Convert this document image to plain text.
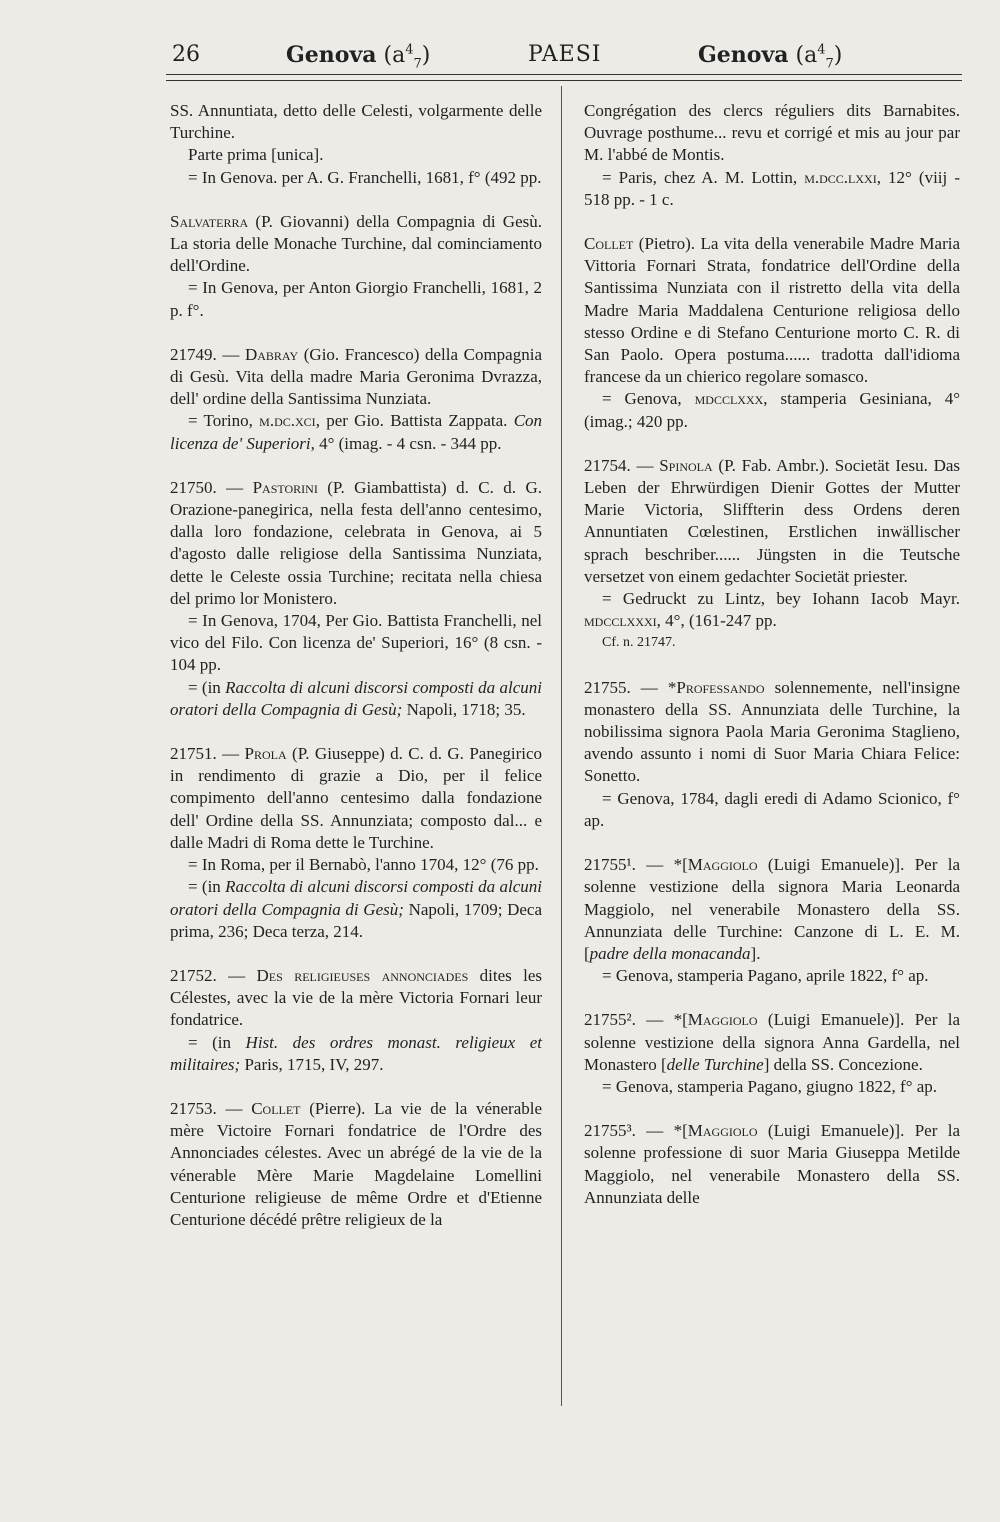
26	Genova $(a^4_7)$	PAESI	Genova $(a^4_7)$

SS. Annuntiata, detto delle Celesti, volgarmente delle Turchine.

Parte prima [unica].

= In Genova. per A. G. Franchelli, 1681, f° (492 pp.

Salvaterra (P. Giovanni) della Compagnia di Gesù. La storia delle Monache Turchine, dal cominciamento dell'Ordine.

= In Genova, per Anton Giorgio Franchelli, 1681, 2 p. f°.

21749. — Dabray (Gio. Francesco) della Compagnia di Gesù. Vita della madre Maria Geronima Dvrazza, dell' ordine della Santissima Nunziata.

= Torino, m.dc.xci, per Gio. Battista Zappata. Con licenza de' Superiori, 4° (imag. - 4 csn. - 344 pp.

21750. — Pastorini (P. Giambattista) d. C. d. G. Orazione-panegirica, nella festa dell'anno centesimo, dalla loro fondazione, celebrata in Genova, ai 5 d'agosto dalle religiose della Santissima Nunziata, dette le Celeste ossia Turchine; recitata nella chiesa del primo lor Monistero.

= In Genova, 1704, Per Gio. Battista Franchelli, nel vico del Filo. Con licenza de' Superiori, 16° (8 csn. - 104 pp.

= (in Raccolta di alcuni discorsi composti da alcuni oratori della Compagnia di Gesù; Napoli, 1718; 35.

21751. — Prola (P. Giuseppe) d. C. d. G. Panegirico in rendimento di grazie a Dio, per il felice compimento dell'anno centesimo dalla fondazione dell' Ordine della SS. Annunziata; composto dal... e dalle Madri di Roma dette le Turchine.

= In Roma, per il Bernabò, l'anno 1704, 12° (76 pp.

= (in Raccolta di alcuni discorsi composti da alcuni oratori della Compagnia di Gesù; Napoli, 1709; Deca prima, 236; Deca terza, 214.

21752. — Des religieuses annonciades dites les Célestes, avec la vie de la mère Victoria Fornari leur fondatrice.

= (in Hist. des ordres monast. religieux et militaires; Paris, 1715, IV, 297.

21753. — Collet (Pierre). La vie de la vénerable mère Victoire Fornari fondatrice de l'Ordre des Annonciades célestes. Avec un abrégé de la vie de la vénerable Mère Marie Magdelaine Lomellini Centurione religieuse de même Ordre et d'Etienne Centurione décédé prêtre religieux de la

Congrégation des clercs réguliers dits Barnabites. Ouvrage posthume... revu et corrigé et mis au jour par M. l'abbé de Montis.

= Paris, chez A. M. Lottin, m.dcc.lxxi, 12° (viij - 518 pp. - 1 c.

Collet (Pietro). La vita della venerabile Madre Maria Vittoria Fornari Strata, fondatrice dell'Ordine della Santissima Nunziata con il ristretto della vita della Madre Maria Maddalena Centurione religiosa dello stesso Ordine e di Stefano Centurione morto C. R. di San Paolo. Opera postuma...... tradotta dall'idioma francese da un chierico regolare somasco.

= Genova, mdcclxxx, stamperia Gesiniana, 4° (imag.; 420 pp.

21754. — Spinola (P. Fab. Ambr.). Societät Iesu. Das Leben der Ehrwürdigen Dienir Gottes der Mutter Marie Victoria, Sliffterin dess Ordens deren Annuntiaten Cœlestinen, Erstlichen inwällischer sprach beschriber...... Jüngsten in die Teutsche versetzet von einem gedachter Societät priester.

= Gedruckt zu Lintz, bey Iohann Iacob Mayr. mdcclxxxi, 4°, (161-247 pp.

Cf. n. 21747.

21755. — *Professando solennemente, nell'insigne monastero della SS. Annunziata delle Turchine, la nobilissima signora Paola Maria Geronima Staglieno, avendo assunto i nomi di Suor Maria Chiara Felice: Sonetto.

= Genova, 1784, dagli eredi di Adamo Scionico, f° ap.

21755¹. — *[Maggiolo (Luigi Emanuele)]. Per la solenne vestizione della signora Maria Leonarda Maggiolo, nel venerabile Monastero della SS. Annunziata delle Turchine: Canzone di L. E. M. [padre della monacanda].

= Genova, stamperia Pagano, aprile 1822, f° ap.

21755². — *[Maggiolo (Luigi Emanuele)]. Per la solenne vestizione della signora Anna Gardella, nel Monastero [delle Turchine] della SS. Concezione.

= Genova, stamperia Pagano, giugno 1822, f° ap.

21755³. — *[Maggiolo (Luigi Emanuele)]. Per la solenne professione di suor Maria Giuseppa Metilde Maggiolo, nel venerabile Monastero della SS. Annunziata delle
